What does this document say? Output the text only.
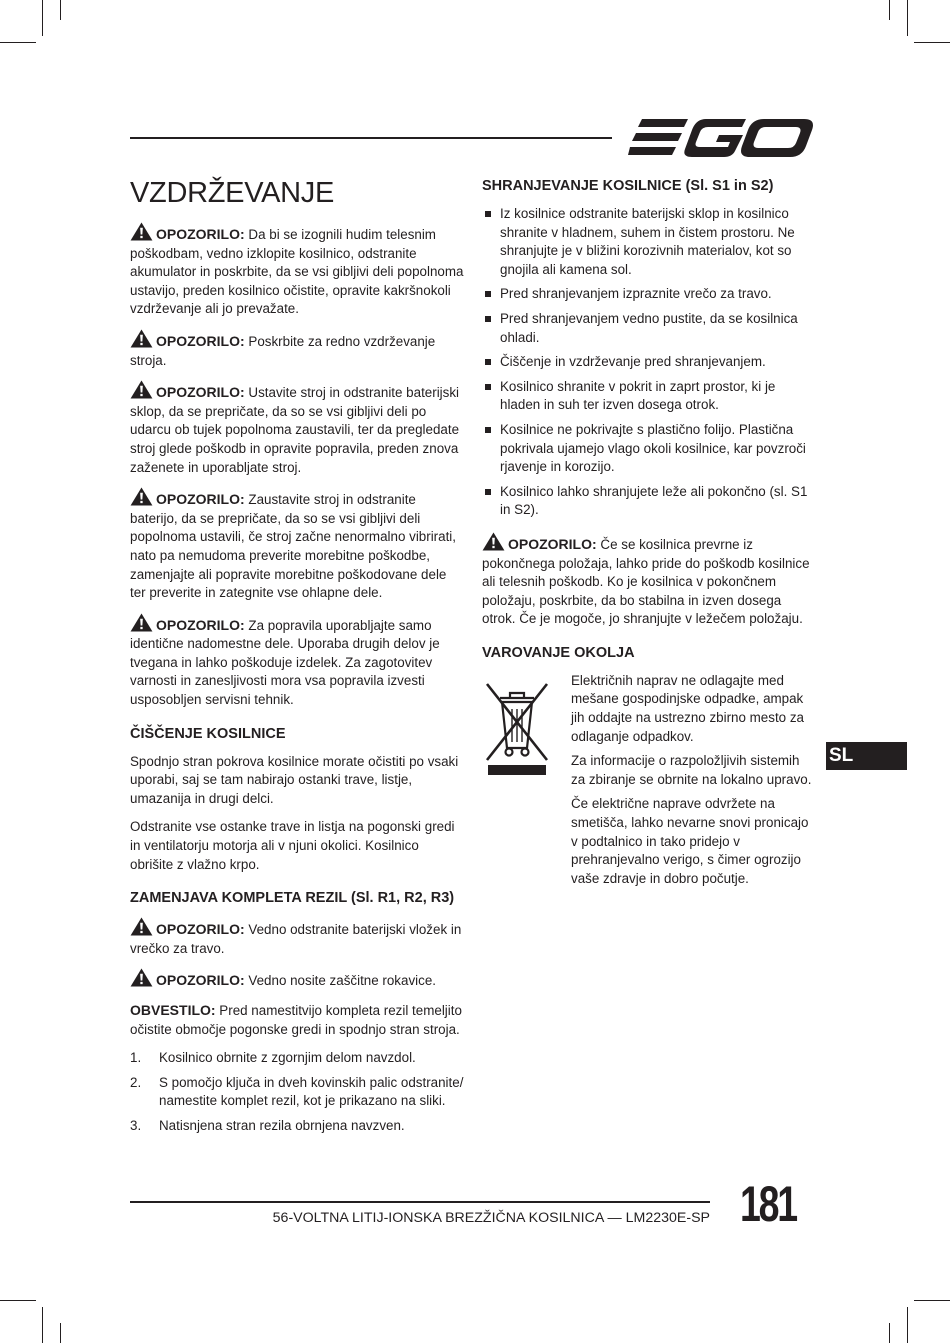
VZDRŽEVANJE

OPOZORILO: Da bi se izognili hudim telesnim poškodbam, vedno izklopite kosilnico, odstranite akumulator in poskrbite, da se vsi gibljivi deli popolnoma ustavijo, preden kosilnico očistite, opravite kakršnokoli vzdrževanje ali jo prevažate.

OPOZORILO: Poskrbite za redno vzdrževanje stroja.

OPOZORILO: Ustavite stroj in odstranite baterijski sklop, da se prepričate, da so se vsi gibljivi deli po udarcu ob tujek popolnoma zaustavili, ter da pregledate stroj glede poškodb in opravite popravila, preden znova zaženete in uporabljate stroj.

OPOZORILO: Zaustavite stroj in odstranite baterijo, da se prepričate, da so se vsi gibljivi deli popolnoma ustavili, če stroj začne nenormalno vibrirati, nato pa nemudoma preverite morebitne poškodbe, zamenjajte ali popravite morebitne poškodovane dele ter preverite in zategnite vse ohlapne dele.

OPOZORILO: Za popravila uporabljajte samo identične nadomestne dele. Uporaba drugih delov je tvegana in lahko poškoduje izdelek. Za zagotovitev varnosti in zanesljivosti mora vsa popravila izvesti usposobljen servisni tehnik.

ČIŠČENJE KOSILNICE

Spodnjo stran pokrova kosilnice morate očistiti po vsaki uporabi, saj se tam nabirajo ostanki trave, listje, umazanija in drugi delci.

Odstranite vse ostanke trave in listja na pogonski gredi in ventilatorju motorja ali v njuni okolici. Kosilnico obrišite z vlažno krpo.

ZAMENJAVA KOMPLETA REZIL (Sl. R1, R2, R3)

OPOZORILO: Vedno odstranite baterijski vložek in vrečko za travo.

OPOZORILO: Vedno nosite zaščitne rokavice.

OBVESTILO: Pred namestitvijo kompleta rezil temeljito očistite območje pogonske gredi in spodnjo stran stroja.

1. Kosilnico obrnite z zgornjim delom navzdol.
2. S pomočjo ključa in dveh kovinskih palic odstranite/ namestite komplet rezil, kot je prikazano na sliki.
3. Natisnjena stran rezila obrnjena navzven.
SHRANJEVANJE KOSILNICE (Sl. S1 in S2)
Iz kosilnice odstranite baterijski sklop in kosilnico shranite v hladnem, suhem in čistem prostoru. Ne shranjujte je v bližini korozivnih materialov, kot so gnojila ali kamena sol.
Pred shranjevanjem izpraznite vrečo za travo.
Pred shranjevanjem vedno pustite, da se kosilnica ohladi.
Čiščenje in vzdrževanje pred shranjevanjem.
Kosilnico shranite v pokrit in zaprt prostor, ki je hladen in suh ter izven dosega otrok.
Kosilnice ne pokrivajte s plastično folijo. Plastična pokrivala ujamejo vlago okoli kosilnice, kar povzroči rjavenje in korozijo.
Kosilnico lahko shranjujete leže ali pokončno (sl. S1 in S2).

OPOZORILO: Če se kosilnica prevrne iz pokončnega položaja, lahko pride do poškodb kosilnice ali telesnih poškodb. Ko je kosilnica v pokončnem položaju, poskrbite, da bo stabilna in izven dosega otrok. Če je mogoče, jo shranjujte v ležečem položaju.

VAROVANJE OKOLJA

Električnih naprav ne odlagajte med mešane gospodinjske odpadke, ampak jih oddajte na ustrezno zbirno mesto za odlaganje odpadkov.

Za informacije o razpoložljivih sistemih za zbiranje se obrnite na lokalno upravo.

Če električne naprave odvržete na smetišča, lahko nevarne snovi pronicajo v podtalnico in tako pridejo v prehranjevalno verigo, s čimer ogrozijo vaše zdravje in dobro počutje.

SL
56-VOLTNA LITIJ-IONSKA BREZŽIČNA KOSILNICA — LM2230E-SP 181
